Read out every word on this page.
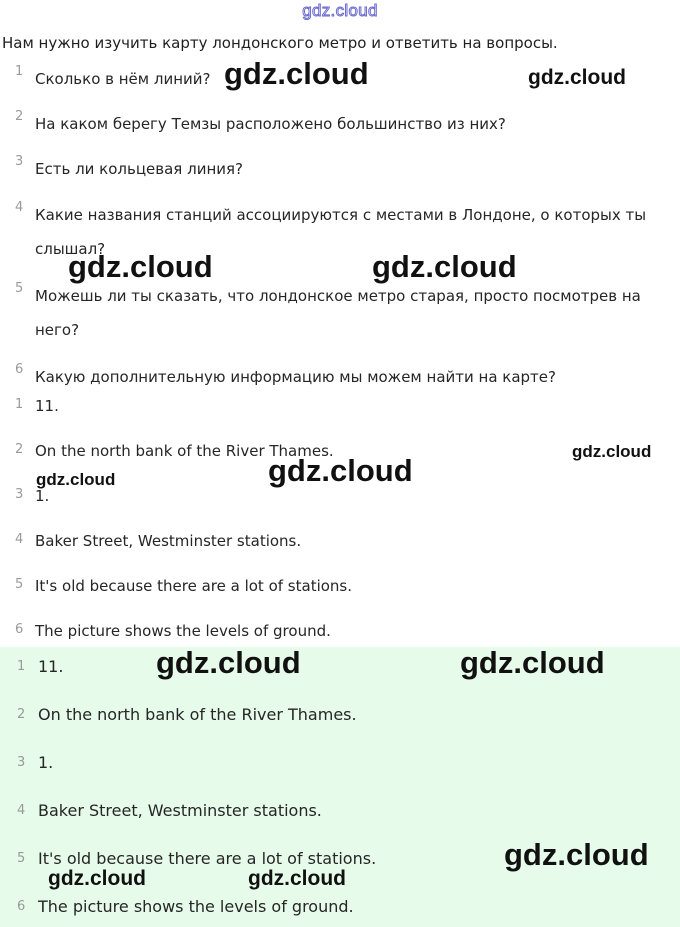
gdz.cloud
Нам нужно изучить карту лондонского метро и ответить на вопросы.
1 Сколько в нём линий?
2 На каком берегу Темзы расположено большинство из них?
3 Есть ли кольцевая линия?
4 Какие названия станций ассоциируются с местами в Лондоне, о которых ты слышал?
5 Можешь ли ты сказать, что лондонское метро старая, просто посмотрев на него?
6 Какую дополнительную информацию мы можем найти на карте?
1 11.
2 On the north bank of the River Thames.
3 1.
4 Baker Street, Westminster stations.
5 It's old because there are a lot of stations.
6 The picture shows the levels of ground.
1 11.
2 On the north bank of the River Thames.
3 1.
4 Baker Street, Westminster stations.
5 It's old because there are a lot of stations.
6 The picture shows the levels of ground.
gdz.cloud	gdz.cloud
gdz.cloud	gdz.cloud
gdz.cloud
gdz.cloud
gdz.cloud
gdz.cloud	gdz.cloud
gdz.cloud
gdz.cloud	gdz.cloud
